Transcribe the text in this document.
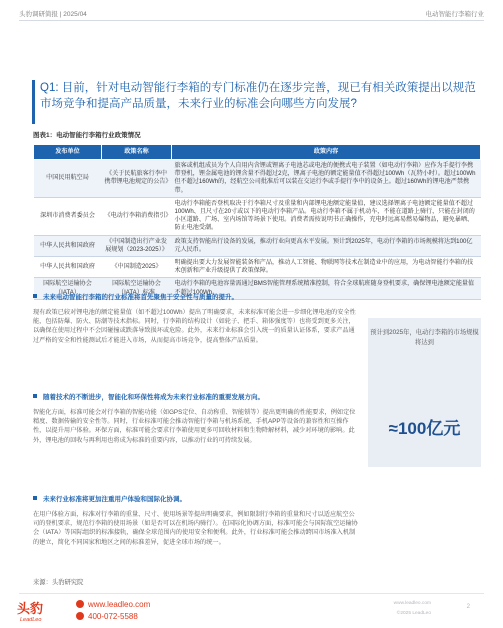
头豹调研简报 | 2025/04	电动智能行李箱行业
Q1: 目前，针对电动智能行李箱的专门标准仍在逐步完善，现已有相关政策提出以规范市场竞争和提高产品质量，未来行业的标准会向哪些方向发展?
图表1：电动智能行李箱行业政策情况
发布单位	政策名称	政策内容
中国民用航空局	《关于民航旅客行李中携带锂电池规定的公告》	旅客或机组成员为个人自用内含锂或锂离子电池芯或电池的便携式电子装置（如电动行李箱）应作为手提行李携带登机，锂金属电池的锂含量不得超过2克，锂离子电池的额定能量值不得超过100Wh（瓦特小时）。超过100Wh但不超过160Wh的，经航空公司批准后可以装在交运行李或手提行李中的设备上。超过160Wh的锂电池严禁携带。
深圳市消费者委员会	《电动行李箱消费指引》	电动行李箱能否登机取决于行李箱尺寸及重量和内部锂电池额定能量值，建议选择锂离子电池额定能量值不超过100Wh、且尺寸在20寸或以下的电动行李箱产品。电动行李箱不属于机动车，不能在道路上骑行，只能在封闭的小区道路、广场、室内场馆等场景下使用。消费者需按说明书正确操作，充电时远离易燃易爆物品，避免暴晒、防止电池受潮。
中华人民共和国政府	《中国制造出行产业发展规划（2023-2025）》	政策支持智能出行设备的发展，推动行业向更高水平发展。预计到2025年，电动行李箱的市场规模将达到100亿元人民币。
中华人民共和国政府	《中国制造2025》	明确提出要大力发展智能装备和产品，推动人工智能、物联网等技术在制造业中的应用，为电动智能行李箱的技术创新和产业升级提供了政策保障。
国际航空运输协会（IATA）	国际航空运输协会（IATA）标准	电动行李箱的电池容量需通过BMS智能管理系统精准控制，符合全球航班随身登机要求，确保锂电池额定能量值不超过100Wh。
未来电动智能行李箱的行业标准将首先聚焦于安全性与质量的提升。
现有政策已较对锂电池的额定能量值（如不超过100Wh）提出了明确要求，未来标准可能会进一步细化锂电池的安全性能，包括防爆、防火、防潮等技术指标。同时，行李箱的结构设计（如轮子、把手、箱体强度等）也将受到更多关注，以确保在使用过程中不会因碰撞或跌落导致损坏或危险。此外，未来行业标准会引入统一的质量认证体系，要求产品通过严格的安全和性能测试后才能进入市场，从而提高市场竞争，提高整体产品质量。
随着技术的不断进步，智能化和环保性将成为未来行业标准的重要发展方向。
智能化方面，标准可能会对行李箱的智能功能（如GPS定位、自动称重、智能锁等）提出更明确的性能要求，例如定位精度、数据传输的安全性等。同时，行业标准可能会推动智能行李箱与机场系统、手机APP等设备的兼容性和互操作性，以提升用户体验。环保方面，标准可能会要求行李箱使用更多可回收材料和生物降解材料，减少对环境的影响。此外，锂电池的回收与再利用也将成为标准的重要内容，以推动行业的可持续发展。
未来行业标准将更加注重用户体验和国际化协调。
在用户体验方面，标准对行李箱的重量、尺寸、使用场景等提出明确要求，例如限制行李箱的重量和尺寸以适应航空公司的登机要求，规范行李箱的使用场景（如是否可以在机场内骑行）。在国际化协调方面，标准可能会与国际航空运输协会（IATA）等国际组织的标准接轨，确保全球范围内的使用安全和便利。此外，行业标准可能会推动跨国市场准入机制的建立，简化不同国家和地区之间的标准差异，促进全球市场的统一。
预计到2025年，电动行李箱的市场规模将达到
≈100亿元
来源：头豹研究院
头豹
LeadLeo
www.leadleo.com
400-072-5588
www.leadleo.com
©2025 LeadLeo
2
